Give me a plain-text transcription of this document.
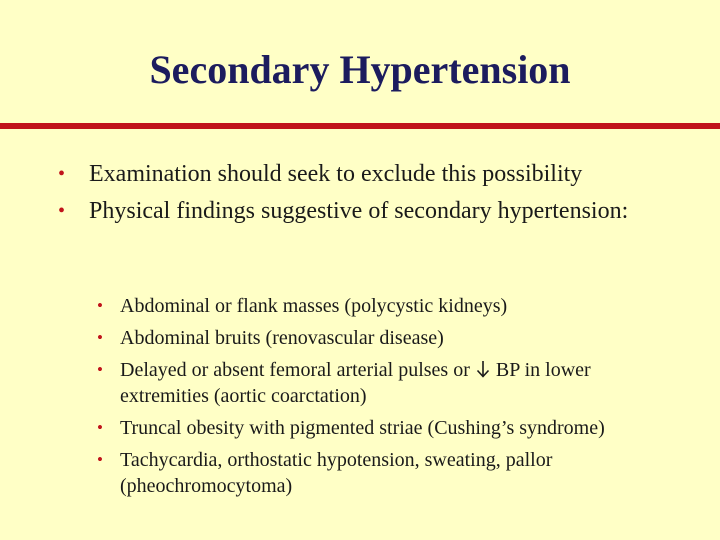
Secondary Hypertension
• Examination should seek to exclude this possibility
• Physical findings suggestive of secondary hypertension:
• Abdominal or flank masses (polycystic kidneys)
• Abdominal bruits (renovascular disease)
• Delayed or absent femoral arterial pulses or BP in lower extremities (aortic coarctation)
• Truncal obesity with pigmented striae (Cushing’s syndrome)
• Tachycardia, orthostatic hypotension, sweating, pallor (pheochromocytoma)
